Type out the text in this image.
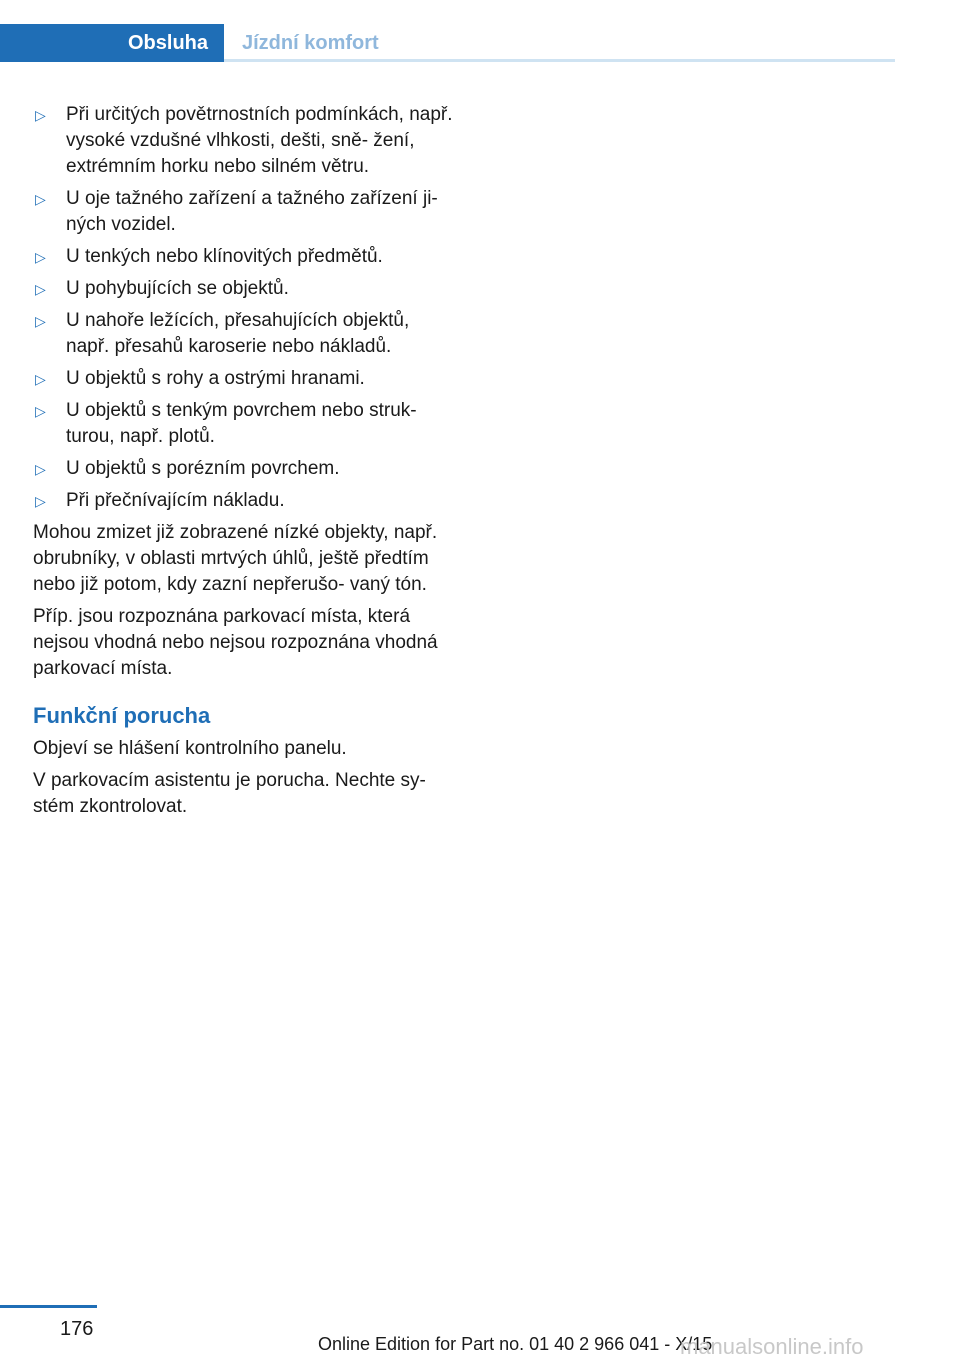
Obsluha Jízdní komfort
▷ Při určitých povětrnostních podmínkách, např. vysoké vzdušné vlhkosti, dešti, sně‐ žení, extrémním horku nebo silném větru.
▷ U oje tažného zařízení a tažného zařízení ji‐ ných vozidel.
▷ U tenkých nebo klínovitých předmětů.
▷ U pohybujících se objektů.
▷ U nahoře ležících, přesahujících objektů, např. přesahů karoserie nebo nákladů.
▷ U objektů s rohy a ostrými hranami.
▷ U objektů s tenkým povrchem nebo struk‐ turou, např. plotů.
▷ U objektů s porézním povrchem.
▷ Při přečnívajícím nákladu.

Mohou zmizet již zobrazené nízké objekty, např. obrubníky, v oblasti mrtvých úhlů, ještě předtím nebo již potom, kdy zazní nepřerušo‐ vaný tón.

Příp. jsou rozpoznána parkovací místa, která nejsou vhodná nebo nejsou rozpoznána vhodná parkovací místa.

Funkční porucha

Objeví se hlášení kontrolního panelu.

V parkovacím asistentu je porucha. Nechte sy‐ stém zkontrolovat.

176
Online Edition for Part no. 01 40 2 966 041 - X/15
manualsonline.info
